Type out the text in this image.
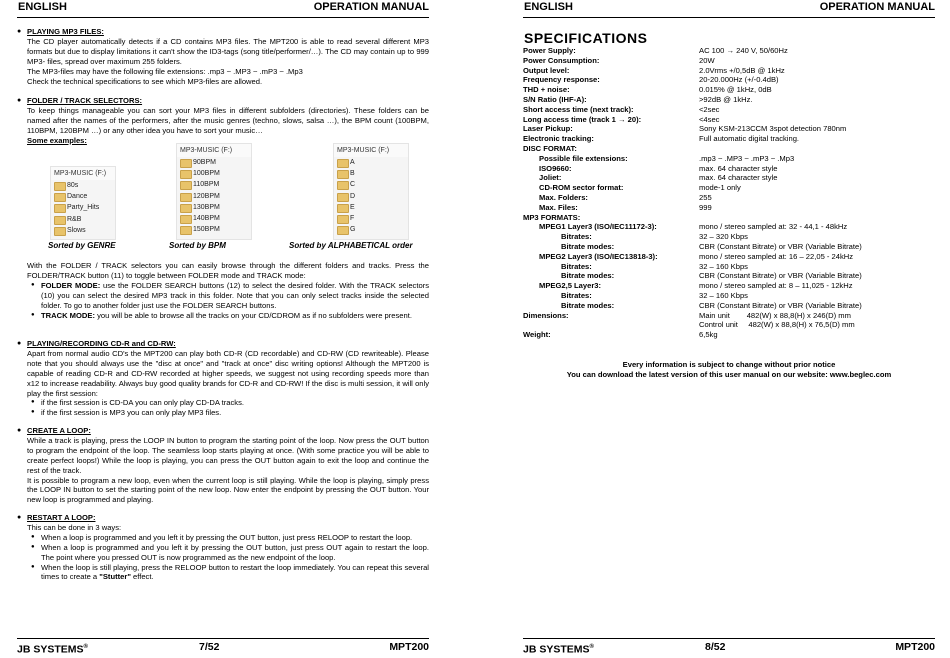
ENGLISH	OPERATION MANUAL
● PLAYING MP3 FILES:

The CD player automatically detects if a CD contains MP3 files. The MPT200 is able to read several different MP3 formats but due to display limitations it can't show the ID3-tags (song title/performer/…). The CD may contain up to 999 MP3- files, spread over maximum 255 folders.

The MP3-files may have the following file extensions: .mp3 ~ .MP3 ~ .mP3 ~ .Mp3

Check the technical specifications to see which MP3-files are allowed.

● FOLDER / TRACK SELECTORS:

To keep things manageable you can sort your MP3 files in different subfolders (directories). These folders can be named after the names of the performers, after the music genres (techno, slows, salsa …), the BPM count (100BPM, 110BPM, 120BPM …) or any other idea you have to sort your music…

Some examples:

MP3-MUSIC (F:)
80s
Dance
Party_Hits
R&B
Slows
MP3-MUSIC (F:)
90BPM
100BPM
110BPM
120BPM
130BPM
140BPM
150BPM
MP3-MUSIC (F:)
A
B
C
D
E
F
G
Sorted by GENRE	Sorted by BPM	Sorted by ALPHABETICAL order

With the FOLDER / TRACK selectors you can easily browse through the different folders and tracks. Press the FOLDER/TRACK button (11) to toggle between FOLDER mode and TRACK mode:

● FOLDER MODE: use the FOLDER SEARCH buttons (12) to select the desired folder. With the TRACK selectors (10) you can select the desired MP3 track in this folder. Note that you can only select tracks inside the selected folder. To go to another folder just use the FOLDER SEARCH buttons.

● TRACK MODE: you will be able to browse all the tracks on your CD/CDROM as if no subfolders were present.

● PLAYING/RECORDING CD-R and CD-RW:

Apart from normal audio CD's the MPT200 can play both CD-R (CD recordable) and CD-RW (CD rewriteable). Please note that you should always use the "disc at once" and "track at once" disc writing options! Although the MPT200 is capable of reading CD-R and CD-RW recorded at higher speeds, we suggest not using recording speeds more than x12 to increase readability. Always buy good quality brands for CD-R and CD-RW! If the disc is multi session, it will only play the first session:

● if the first session is CD-DA you can only play CD-DA tracks.

● if the first session is MP3 you can only play MP3 files.

● CREATE A LOOP:

While a track is playing, press the LOOP IN button to program the starting point of the loop. Now press the OUT button to program the endpoint of the loop. The seamless loop starts playing at once. (With some practice you will be able to create perfect loops!) While the loop is playing, you can press the OUT button again to exit the loop and continue the rest of the track.

It is possible to program a new loop, even when the current loop is still playing. While the loop is playing, simply press the LOOP IN button to set the starting point of the new loop. Now enter the endpoint by pressing the OUT button. Your new loop is programmed and playing.

● RESTART A LOOP:

This can be done in 3 ways:

● When a loop is programmed and you left it by pressing the OUT button, just press RELOOP to restart the loop.

● When a loop is programmed and you left it by pressing the OUT button, just press OUT again to restart the loop. The point where you pressed OUT is now programmed as the new endpoint of the loop.

● When the loop is still playing, press the RELOOP button to restart the loop immediately. You can repeat this several times to create a "Stutter" effect.

JB SYSTEMS®	7/52	MPT200
ENGLISH	OPERATION MANUAL
SPECIFICATIONS
Power Supply:	AC 100 → 240 V, 50/60Hz
Power Consumption:	20W
Output level:	2.0Vrms +/0,5dB @ 1kHz
Frequency response:	20-20.000Hz (+/-0.4dB)
THD + noise:	0.015% @ 1kHz, 0dB
S/N Ratio (IHF-A):	>92dB @ 1kHz.
Short access time (next track):	<2sec
Long access time (track 1 → 20):	<4sec
Laser Pickup:	Sony KSM-213CCM 3spot detection 780nm
Electronic tracking:	Full automatic digital tracking.
DISC FORMAT:
Possible file extensions:	.mp3 ~ .MP3 ~ .mP3 ~ .Mp3
ISO9660:	max. 64 character style
Joliet:	max. 64 character style
CD-ROM sector format:	mode-1 only
Max. Folders:	255
Max. Files:	999
MP3 FORMATS:
MPEG1 Layer3 (ISO/IEC11172-3):	mono / stereo sampled at: 32 - 44,1 - 48kHz
Bitrates:	32 – 320 Kbps
Bitrate modes:	CBR (Constant Bitrate) or VBR (Variable Bitrate)
MPEG2 Layer3 (ISO/IEC13818-3):	mono / stereo sampled at: 16 – 22,05 - 24kHz
Bitrates:	32 – 160 Kbps
Bitrate modes:	CBR (Constant Bitrate) or VBR (Variable Bitrate)
MPEG2,5 Layer3:	mono / stereo sampled at: 8 – 11,025 - 12kHz
Bitrates:	32 – 160 Kbps
Bitrate modes:	CBR (Constant Bitrate) or VBR (Variable Bitrate)
Dimensions:	Main unit        482(W) x 88,8(H) x 246(D) mm
Control unit     482(W) x 88,8(H) x 76,5(D) mm
Weight:	6,5kg
Every information is subject to change without prior notice
You can download the latest version of this user manual on our website: www.beglec.com
JB SYSTEMS®	8/52	MPT200
